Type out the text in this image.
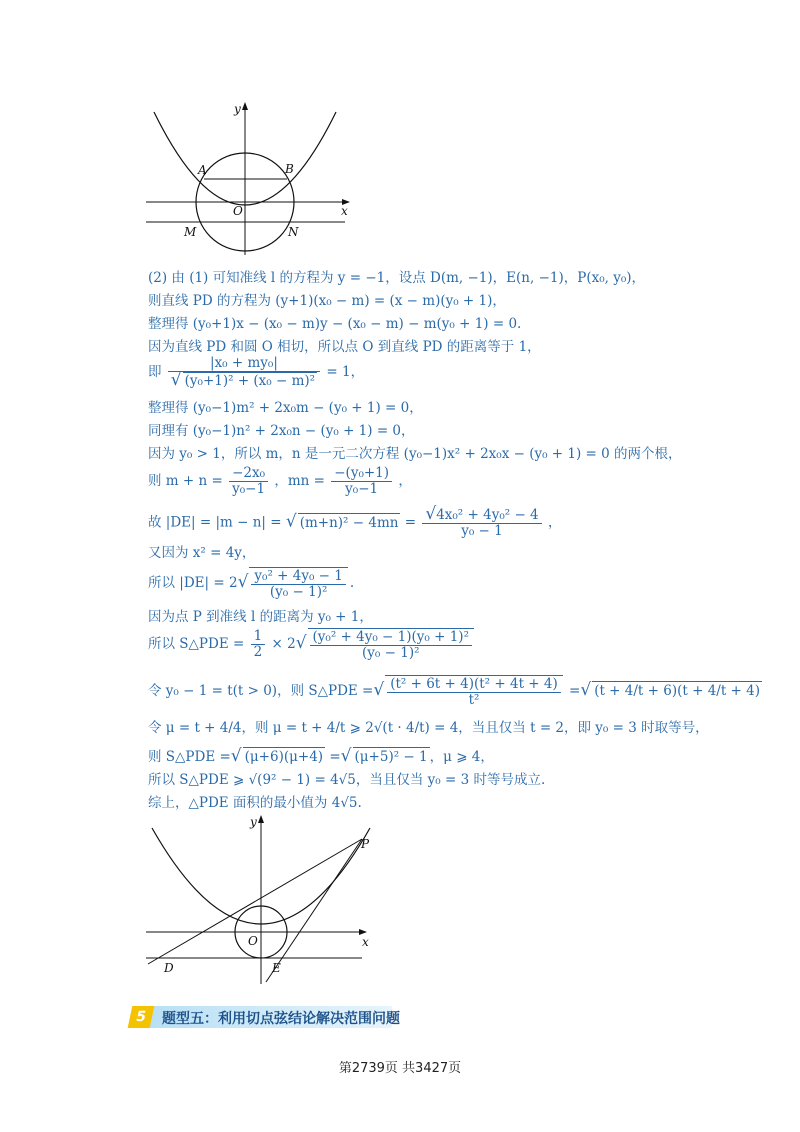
y
x
O
A	B
M	N
(2) 由 (1) 可知准线 l 的方程为 y = −1，设点 D(m, −1)，E(n, −1)，P(x₀, y₀)，
则直线 PD 的方程为 (y+1)(x₀ − m) = (x − m)(y₀ + 1)，
整理得 (y₀+1)x − (x₀ − m)y − (x₀ − m) − m(y₀ + 1) = 0.
因为直线 PD 和圆 O 相切，所以点 O 到直线 PD 的距离等于 1，
即 $\frac{\text{|x₀ + my₀|}}{\text{√ (y₀+1)² + (x₀ − m)²}} = 1$，
整理得 (y₀−1)m² + 2x₀m − (y₀ + 1) = 0，
同理有 (y₀−1)n² + 2x₀n − (y₀ + 1) = 0，
因为 y₀ > 1，所以 m，n 是一元二次方程 (y₀−1)x² + 2x₀x − (y₀ + 1) = 0 的两个根，
则 $m + n = \frac{\text{−2x₀}}{\text{y₀−1}}$ ，mn = $\frac{\text{−(y₀+1)}}{\text{y₀−1}}$ ，
故 |DE| = |m − n| = √ $(m+n)^2 - 4mn = \frac{\text{√4x₀² + 4y₀² − 4}}{\text{y₀ − 1}}$ ，
又因为 x² = 4y，
所以 $|DE| = 2√ \frac{\text{y₀² + 4y₀ − 1}}{\text{(y₀ − 1)²}}$ .
因为点 P 到准线 l 的距离为 y₀ + 1，
所以 S△PDE = $\frac{1}{2} \times 2√ \frac{\text{(y₀² + 4y₀ − 1)(y₀ + 1)²}}{\text{(y₀ − 1)²}}$
令 y₀ − 1 = t(t > 0)，则 S△PDE =√ $\frac{\text{(t² + 6t + 4)(t² + 4t + 4)}}{\text{t²}}$ =√ (t + 4/t + 6)(t + 4/t + 4)
令 μ = t + 4/4，则 μ = t + 4/t ⩾ 2√(t · 4/t) = 4，当且仅当 t = 2，即 y₀ = 3 时取等号，
则 S△PDE =√ (μ+6)(μ+4) =√ (μ+5)² − 1 ，μ ⩾ 4，
所以 S△PDE ⩾ √(9² − 1) = 4√5，当且仅当 y₀ = 3 时等号成立.
综上，△PDE 面积的最小值为 4√5.
y
x
O
P
D	E
5	题型五：利用切点弦结论解决范围问题
第2739页 共3427页
